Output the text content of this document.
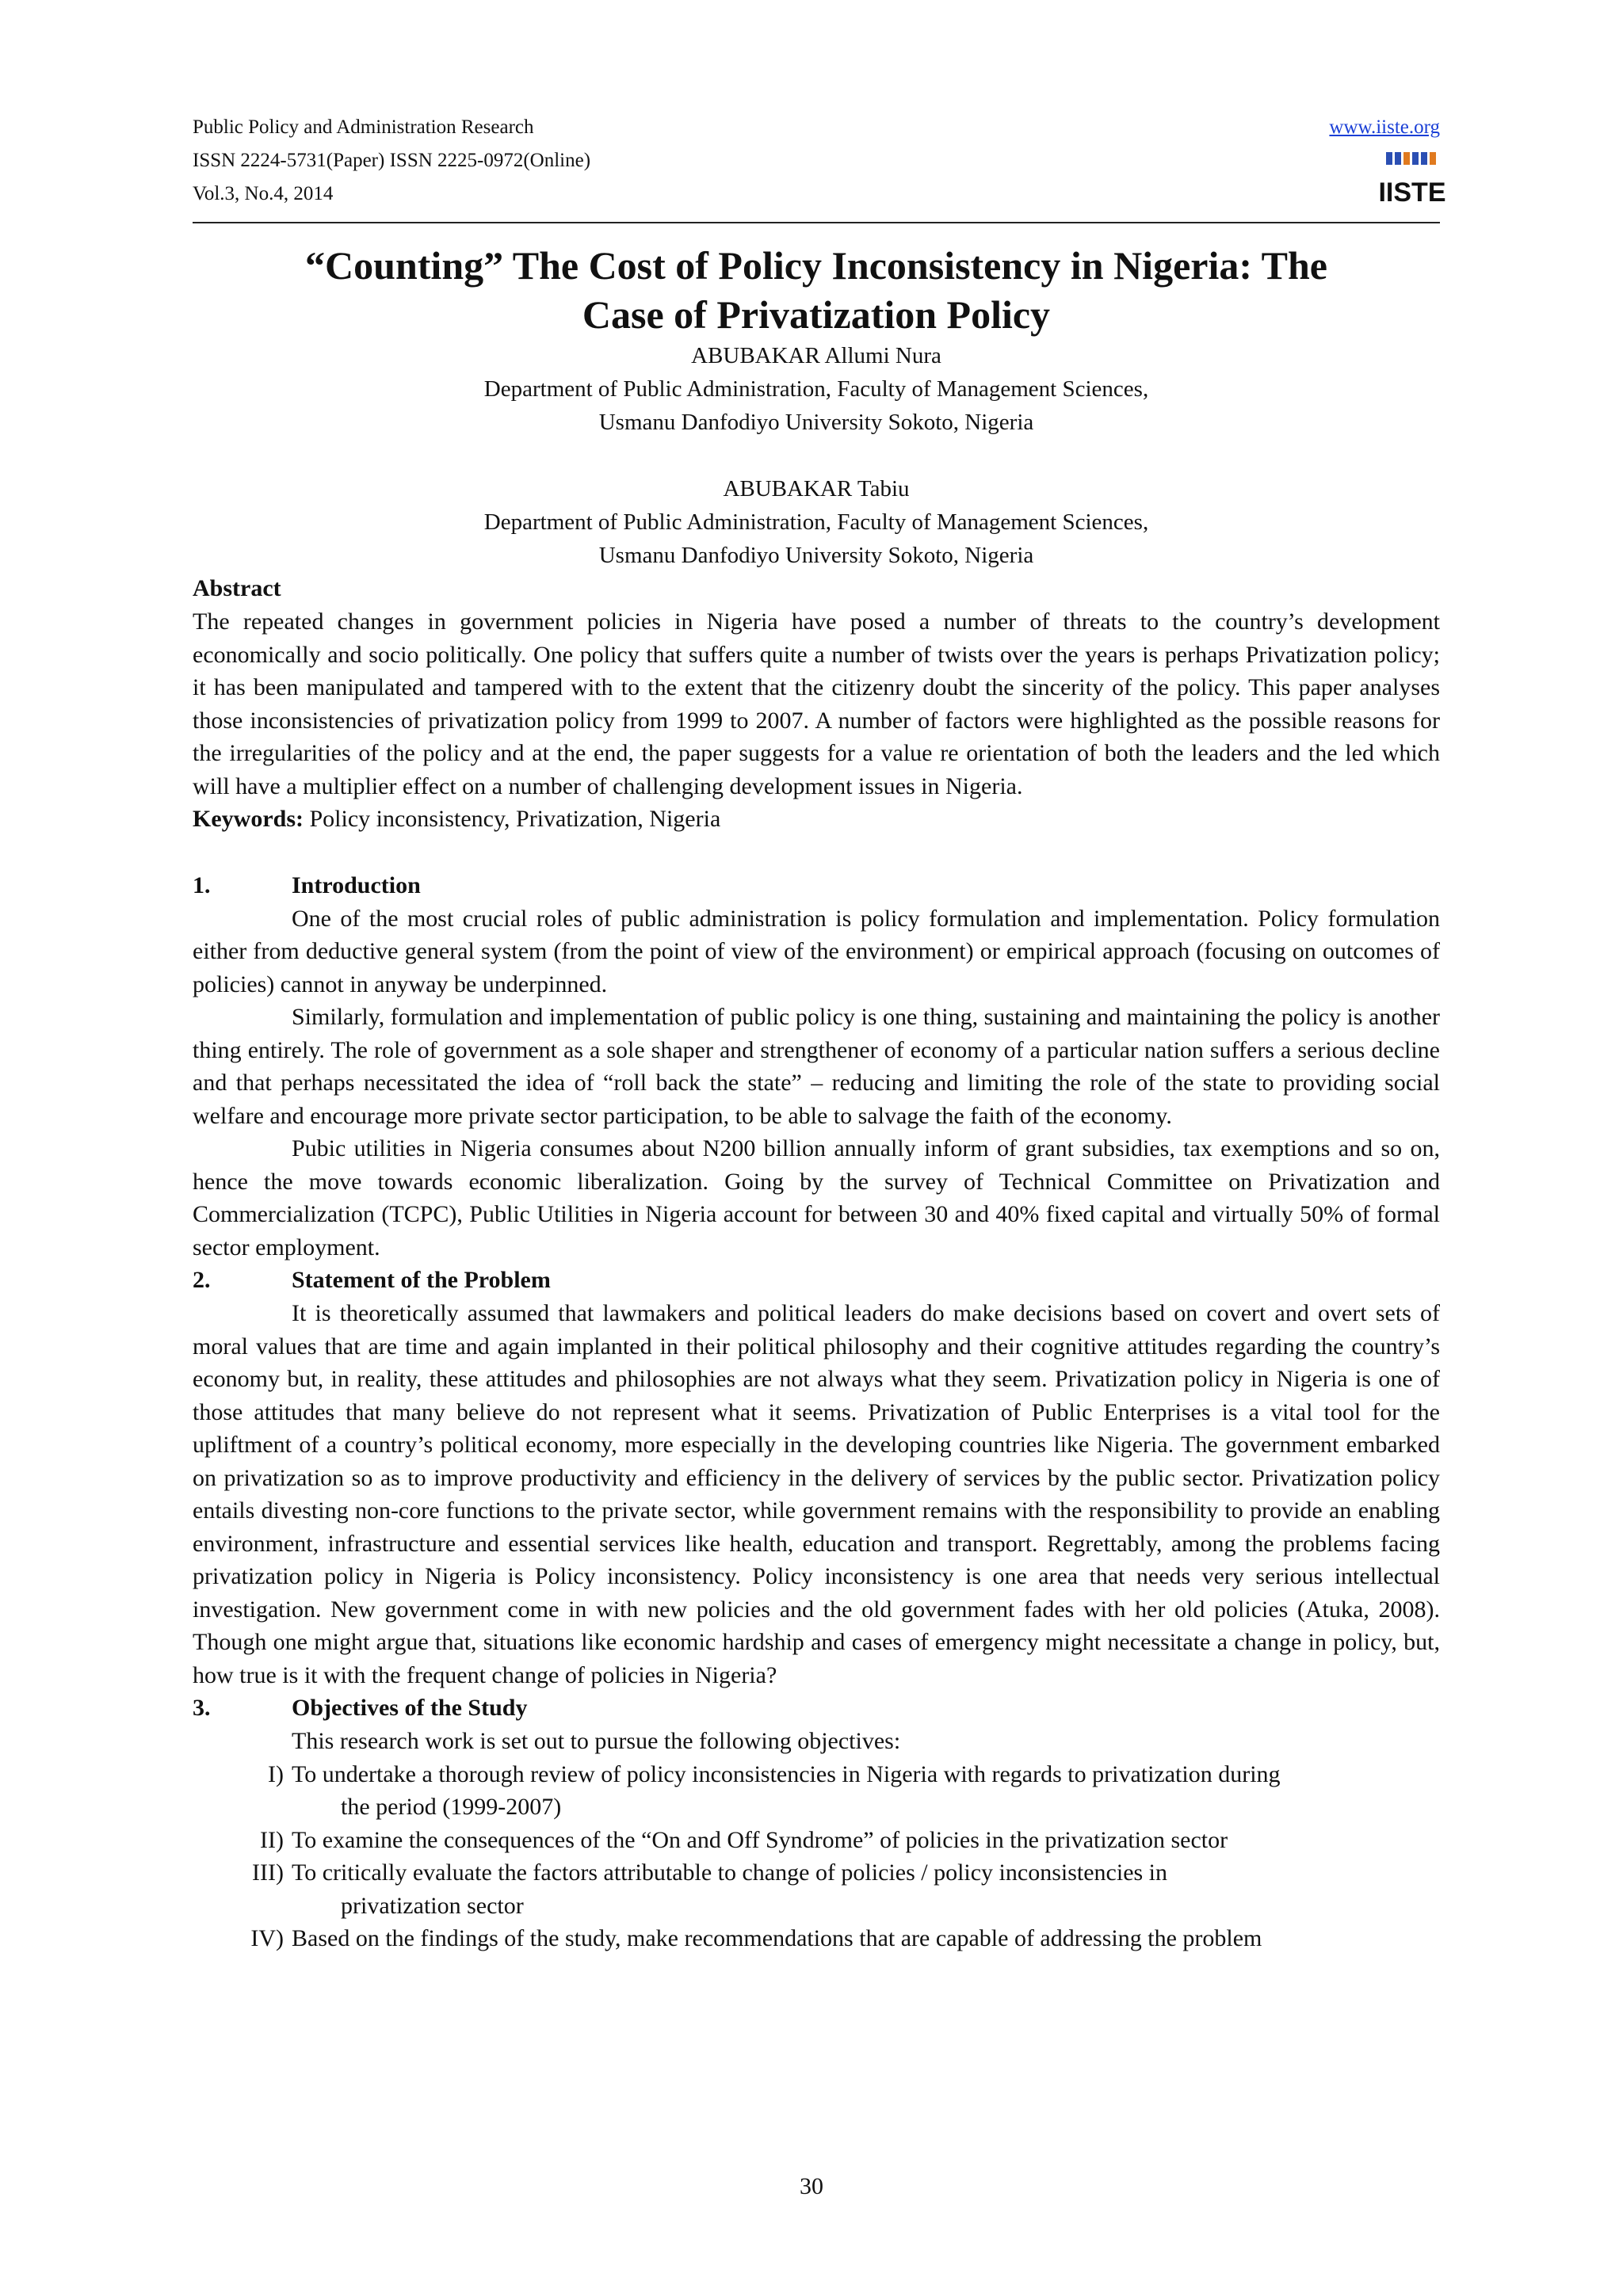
Public Policy and Administration Research
ISSN 2224-5731(Paper) ISSN 2225-0972(Online)
Vol.3, No.4, 2014
www.iiste.org
IISTE
“Counting” The Cost of Policy Inconsistency in Nigeria: The
Case of Privatization Policy
ABUBAKAR Allumi Nura
Department of Public Administration, Faculty of Management Sciences,
Usmanu Danfodiyo University Sokoto, Nigeria
ABUBAKAR Tabiu
Department of Public Administration, Faculty of Management Sciences,
Usmanu Danfodiyo University Sokoto, Nigeria
Abstract

The repeated changes in government policies in Nigeria have posed a number of threats to the country’s development economically and socio politically. One policy that suffers quite a number of twists over the years is perhaps Privatization policy; it has been manipulated and tampered with to the extent that the citizenry doubt the sincerity of the policy. This paper analyses those inconsistencies of privatization policy from 1999 to 2007. A number of factors were highlighted as the possible reasons for the irregularities of the policy and at the end, the paper suggests for a value re orientation of both the leaders and the led which will have a multiplier effect on a number of challenging development issues in Nigeria.

Keywords: Policy inconsistency, Privatization, Nigeria

1.	Introduction

One of the most crucial roles of public administration is policy formulation and implementation. Policy formulation either from deductive general system (from the point of view of the environment) or empirical approach (focusing on outcomes of policies) cannot in anyway be underpinned.

Similarly, formulation and implementation of public policy is one thing, sustaining and maintaining the policy is another thing entirely. The role of government as a sole shaper and strengthener of economy of a particular nation suffers a serious decline and that perhaps necessitated the idea of “roll back the state” – reducing and limiting the role of the state to providing social welfare and encourage more private sector participation, to be able to salvage the faith of the economy.

Pubic utilities in Nigeria consumes about N200 billion annually inform of grant subsidies, tax exemptions and so on, hence the move towards economic liberalization. Going by the survey of Technical Committee on Privatization and Commercialization (TCPC), Public Utilities in Nigeria account for between 30 and 40% fixed capital and virtually 50% of formal sector employment.

2.	Statement of the Problem

It is theoretically assumed that lawmakers and political leaders do make decisions based on covert and overt sets of moral values that are time and again implanted in their political philosophy and their cognitive attitudes regarding the country’s economy but, in reality, these attitudes and philosophies are not always what they seem. Privatization policy in Nigeria is one of those attitudes that many believe do not represent what it seems. Privatization of Public Enterprises is a vital tool for the upliftment of a country’s political economy, more especially in the developing countries like Nigeria. The government embarked on privatization so as to improve productivity and efficiency in the delivery of services by the public sector. Privatization policy entails divesting non-core functions to the private sector, while government remains with the responsibility to provide an enabling environment, infrastructure and essential services like health, education and transport. Regrettably, among the problems facing privatization policy in Nigeria is Policy inconsistency. Policy inconsistency is one area that needs very serious intellectual investigation. New government come in with new policies and the old government fades with her old policies (Atuka, 2008).              Though one might argue that, situations like economic hardship and cases of emergency might necessitate a change in policy, but, how true is it with the frequent change of policies in Nigeria?

3.	Objectives of the Study

This research work is set out to pursue the following objectives:

I) To undertake a thorough review of policy inconsistencies in Nigeria with regards to privatization during
the period (1999-2007)
II) To examine the consequences of the “On and Off Syndrome” of policies in the privatization sector
III) To critically evaluate the factors attributable to change of policies / policy inconsistencies in
privatization sector
IV) Based on the findings of the study, make recommendations that are capable of addressing the problem
30
